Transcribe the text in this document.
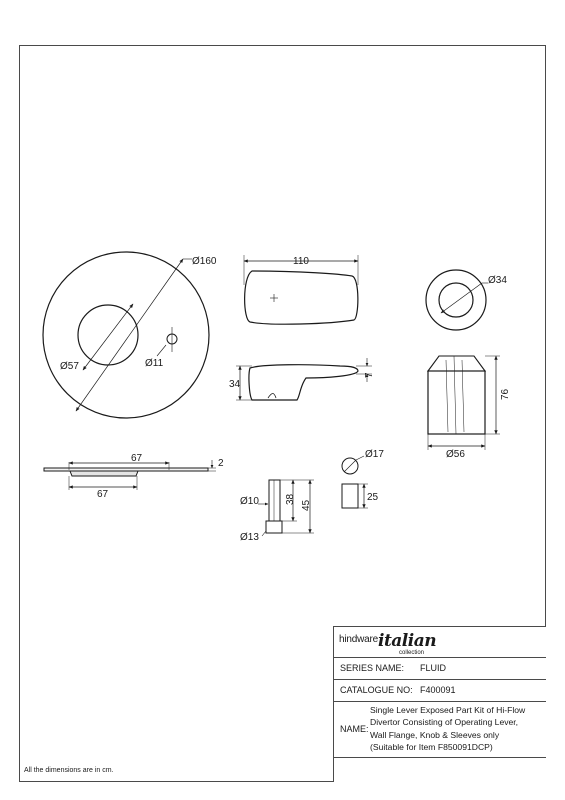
Ø160
Ø57	Ø11
67
67
2
110
34
7
Ø34
76
Ø56
Ø10	38
45
Ø13
Ø17
25
All the dimensions are in cm.
hindwareitalian
collection
SERIES NAME: FLUID
CATALOGUE NO: F400091
NAME:
Single Lever Exposed Part Kit of Hi-Flow
Divertor Consisting of Operating Lever,
Wall Flange, Knob & Sleeves only
(Suitable for Item F850091DCP)
